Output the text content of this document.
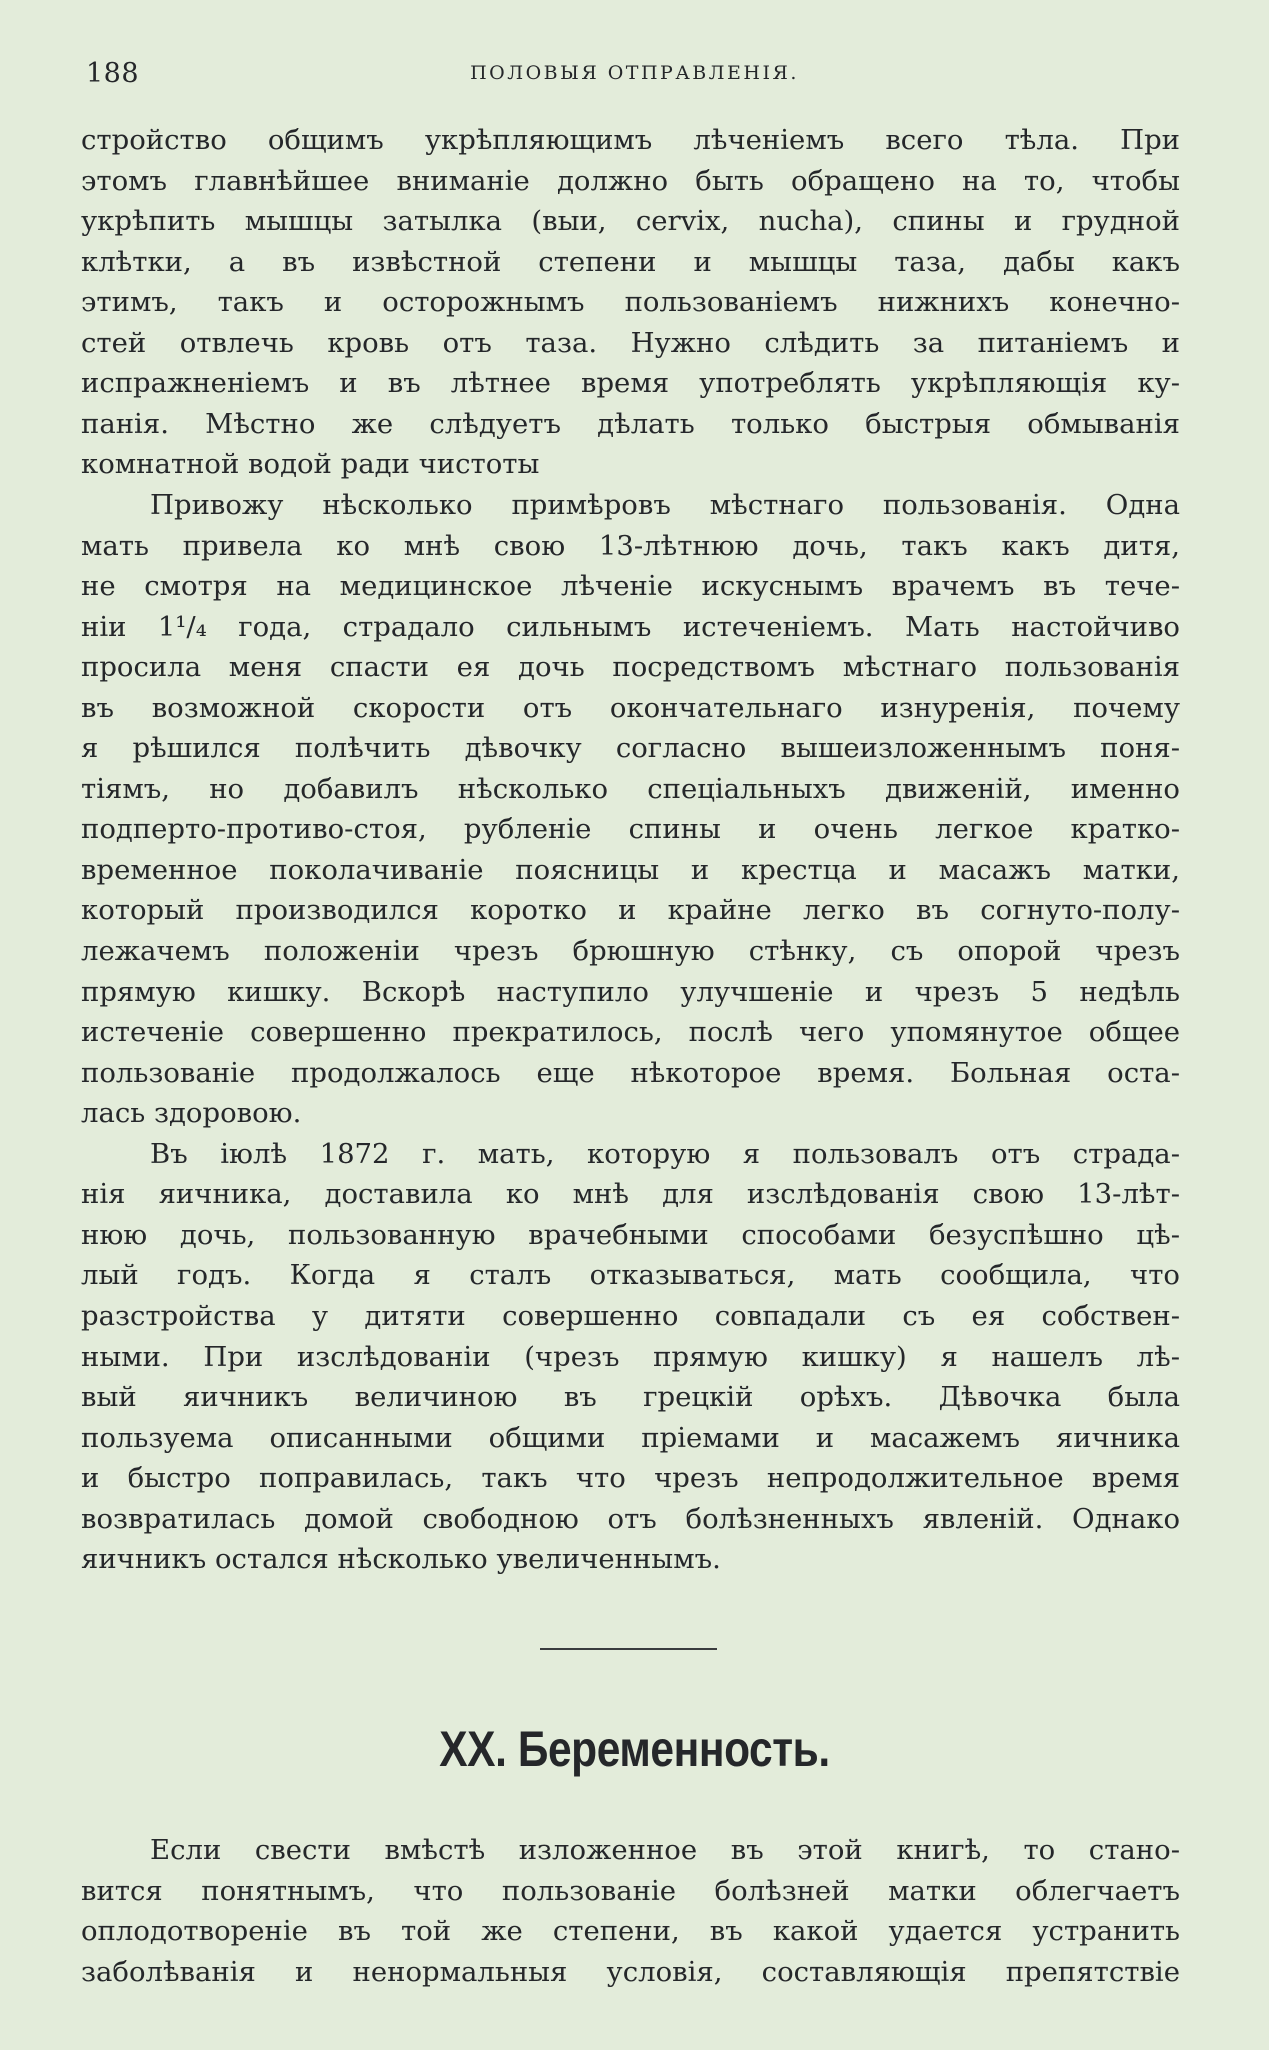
188	ПОЛОВЫЯ ОТПРАВЛЕНІЯ.
стройство общимъ укрѣпляющимъ лѣченіемъ всего тѣла. При
этомъ главнѣйшее вниманіе должно быть обращено на то, чтобы
укрѣпить мышцы затылка (выи, cervix, nucha), спины и грудной
клѣтки, а въ извѣстной степени и мышцы таза, дабы какъ
этимъ, такъ и осторожнымъ пользованіемъ нижнихъ конечно-
стей отвлечь кровь отъ таза. Нужно слѣдить за питаніемъ и
испражненіемъ и въ лѣтнее время употреблять укрѣпляющія ку-
панія. Мѣстно же слѣдуетъ дѣлать только быстрыя обмыванія
комнатной водой ради чистоты
Привожу нѣсколько примѣровъ мѣстнаго пользованія. Одна
мать привела ко мнѣ свою 13-лѣтнюю дочь, такъ какъ дитя,
не смотря на медицинское лѣченіе искуснымъ врачемъ въ тече-
ніи 1¹/₄ года, страдало сильнымъ истеченіемъ. Мать настойчиво
просила меня спасти ея дочь посредствомъ мѣстнаго пользованія
въ возможной скорости отъ окончательнаго изнуренія, почему
я рѣшился полѣчить дѣвочку согласно вышеизложеннымъ поня-
тіямъ, но добавилъ нѣсколько спеціальныхъ движеній, именно
подперто-противо-стоя, рубленіе спины и очень легкое кратко-
временное поколачиваніе поясницы и крестца и масажъ матки,
который производился коротко и крайне легко въ согнуто-полу-
лежачемъ положеніи чрезъ брюшную стѣнку, съ опорой чрезъ
прямую кишку. Вскорѣ наступило улучшеніе и чрезъ 5 недѣль
истеченіе совершенно прекратилось, послѣ чего упомянутое общее
пользованіе продолжалось еще нѣкоторое время. Больная оста-
лась здоровою.
Въ іюлѣ 1872 г. мать, которую я пользовалъ отъ страда-
нія яичника, доставила ко мнѣ для изслѣдованія свою 13-лѣт-
нюю дочь, пользованную врачебными способами безуспѣшно цѣ-
лый годъ. Когда я сталъ отказываться, мать сообщила, что
разстройства у дитяти совершенно совпадали съ ея собствен-
ными. При изслѣдованіи (чрезъ прямую кишку) я нашелъ лѣ-
вый яичникъ величиною въ грецкій орѣхъ. Дѣвочка была
пользуема описанными общими пріемами и масажемъ яичника
и быстро поправилась, такъ что чрезъ непродолжительное время
возвратилась домой свободною отъ болѣзненныхъ явленій. Однако
яичникъ остался нѣсколько увеличеннымъ.
XX. Беременность.
Если свести вмѣстѣ изложенное въ этой книгѣ, то стано-
вится понятнымъ, что пользованіе болѣзней матки облегчаетъ
оплодотвореніе въ той же степени, въ какой удается устранить
заболѣванія и ненормальныя условія, составляющія препятствіе
